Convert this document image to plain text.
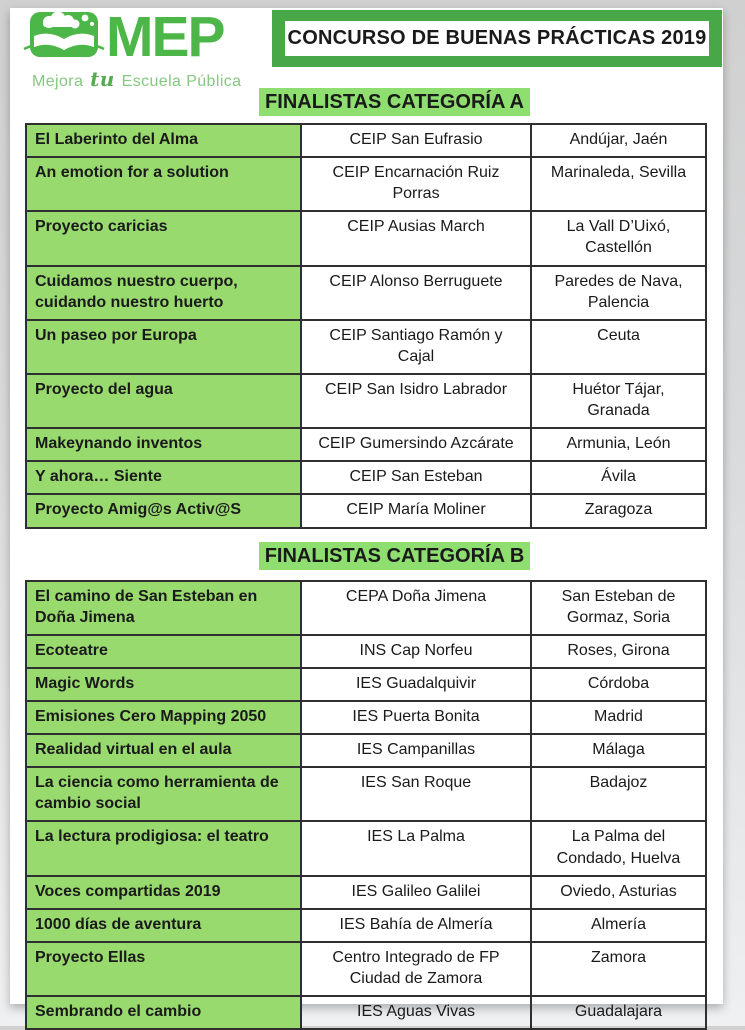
MEP
Mejora tu Escuela Pública
CONCURSO DE BUENAS PRÁCTICAS 2019
FINALISTAS CATEGORÍA A
El Laberinto del Alma	CEIP San Eufrasio	Andújar, Jaén
An emotion for a solution	CEIP Encarnación Ruiz Porras	Marinaleda, Sevilla
Proyecto caricias	CEIP Ausias March	La Vall D’Uixó, Castellón
Cuidamos nuestro cuerpo, cuidando nuestro huerto	CEIP Alonso Berruguete	Paredes de Nava, Palencia
Un paseo por Europa	CEIP Santiago Ramón y Cajal	Ceuta
Proyecto del agua	CEIP San Isidro Labrador	Huétor Tájar, Granada
Makeynando inventos	CEIP Gumersindo Azcárate	Armunia, León
Y ahora… Siente	CEIP San Esteban	Ávila
Proyecto Amig@s Activ@S	CEIP María Moliner	Zaragoza
FINALISTAS CATEGORÍA B
El camino de San Esteban en Doña Jimena	CEPA Doña Jimena	San Esteban de Gormaz, Soria
Ecoteatre	INS Cap Norfeu	Roses, Girona
Magic Words	IES Guadalquivir	Córdoba
Emisiones Cero Mapping 2050	IES Puerta Bonita	Madrid
Realidad virtual en el aula	IES Campanillas	Málaga
La ciencia como herramienta de cambio social	IES San Roque	Badajoz
La lectura prodigiosa: el teatro	IES La Palma	La Palma del Condado, Huelva
Voces compartidas 2019	IES Galileo Galilei	Oviedo, Asturias
1000 días de aventura	IES Bahía de Almería	Almería
Proyecto Ellas	Centro Integrado de FP Ciudad de Zamora	Zamora
Sembrando el cambio	IES Aguas Vivas	Guadalajara
